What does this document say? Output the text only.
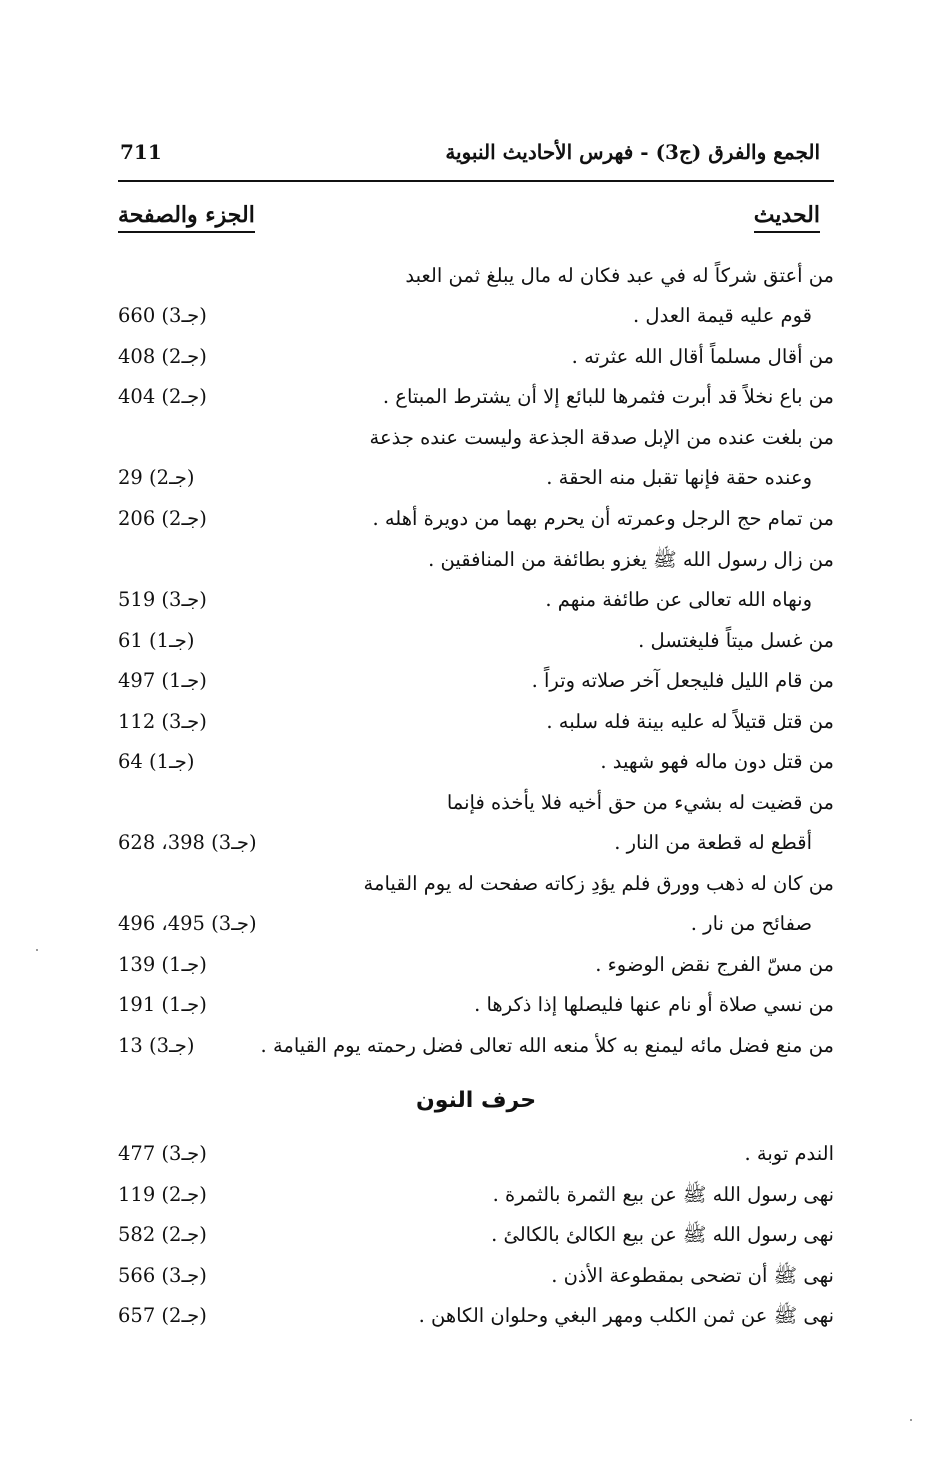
الجمع والفرق (ج3) - فهرس الأحاديث النبوية
711
الحديث
الجزء والصفحة
من أعتق شركاً له في عبد فكان له مال يبلغ ثمن العبد
قوم عليه قيمة العدل .
(جـ3) 660
من أقال مسلماً أقال الله عثرته .
(جـ2) 408
من باع نخلاً قد أبرت فثمرها للبائع إلا أن يشترط المبتاع .
(جـ2) 404
من بلغت عنده من الإبل صدقة الجذعة وليست عنده جذعة
وعنده حقة فإنها تقبل منه الحقة .
(جـ2) 29
من تمام حج الرجل وعمرته أن يحرم بهما من دويرة أهله .
(جـ2) 206
من زال رسول الله ﷺ يغزو بطائفة من المنافقين .
ونهاه الله تعالى عن طائفة منهم .
(جـ3) 519
من غسل ميتاً فليغتسل .
(جـ1) 61
من قام الليل فليجعل آخر صلاته وتراً .
(جـ1) 497
من قتل قتيلاً له عليه بينة فله سلبه .
(جـ3) 112
من قتل دون ماله فهو شهيد .
(جـ1) 64
من قضيت له بشيء من حق أخيه فلا يأخذه فإنما
أقطع له قطعة من النار .
(جـ3) 398، 628
من كان له ذهب وورق فلم يؤدِ زكاته صفحت له يوم القيامة
صفائح من نار .
(جـ3) 495، 496
من مسّ الفرج نقض الوضوء .
(جـ1) 139
من نسي صلاة أو نام عنها فليصلها إذا ذكرها .
(جـ1) 191
من منع فضل مائه ليمنع به كلأ منعه الله تعالى فضل رحمته يوم القيامة .
(جـ3) 13
حرف النون
الندم توبة .
(جـ3) 477
نهى رسول الله ﷺ عن بيع الثمرة بالثمرة .
(جـ2) 119
نهى رسول الله ﷺ عن بيع الكالئ بالكالئ .
(جـ2) 582
نهى ﷺ أن تضحى بمقطوعة الأذن .
(جـ3) 566
نهى ﷺ عن ثمن الكلب ومهر البغي وحلوان الكاهن .
(جـ2) 657
